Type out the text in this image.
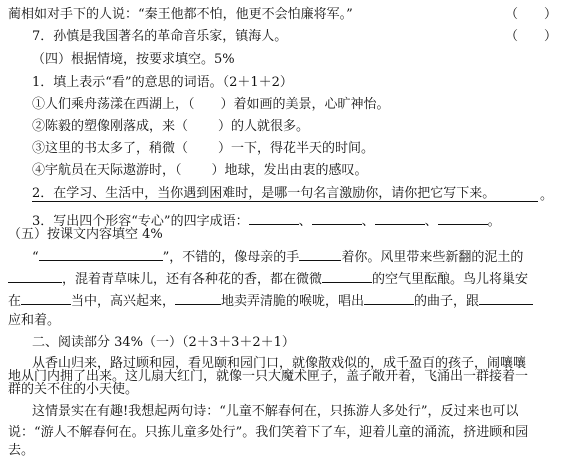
蔺相如对手下的人说：“秦王他都不怕，他更不会怕廉将军。”	（　　）
7．孙慎是我国著名的革命音乐家，镇海人。	（　　）
（四）根据情境，按要求填空。5%
1．填上表示“看”的意思的词语。（2＋1＋2）
①人们乘舟荡漾在西湖上，（ ）着如画的美景，心旷神怡。
②陈毅的塑像刚落成，来（ ）的人就很多。
③这里的书太多了，稍微（ ）一下，得花半天的时间。
④宇航员在天际遨游时，（ ）地球，发出由衷的感叹。
2．在学习、生活中，当你遇到困难时，是哪一句名言激励你，请你把它写下来。	。
3．写出四个形容“专心”的四字成语：	、	、	、	。
（五）按课文内容填空 4%
“	”，不错的，像母亲的手	着你。风里带来些新翻的泥土的
，混着青草味儿，还有各种花的香，都在微微	的空气里酝酿。鸟儿将巢安
在	当中，高兴起来，	地卖弄清脆的喉咙，唱出	的曲子，跟
应和着。
二、阅读部分 34%（一）（2＋3＋3＋2＋1）
从香山归来，路过顾和园，看见颐和园门口，就像散戏似的，成千盈百的孩子，闹嚷嚷
地从门内拥了出来。这儿扇大红门，就像一只大魔术匣子，盖子敞开着，飞涌出一群接着一
群的关不住的小天使。
这情景实在有趣!我想起两句诗：“儿童不解春何在，只拣游人多处行”，反过来也可以
说：“游人不解春何在。只拣儿童多处行”。我们笑着下了车，迎着儿童的涌流，挤进顾和园
去。
